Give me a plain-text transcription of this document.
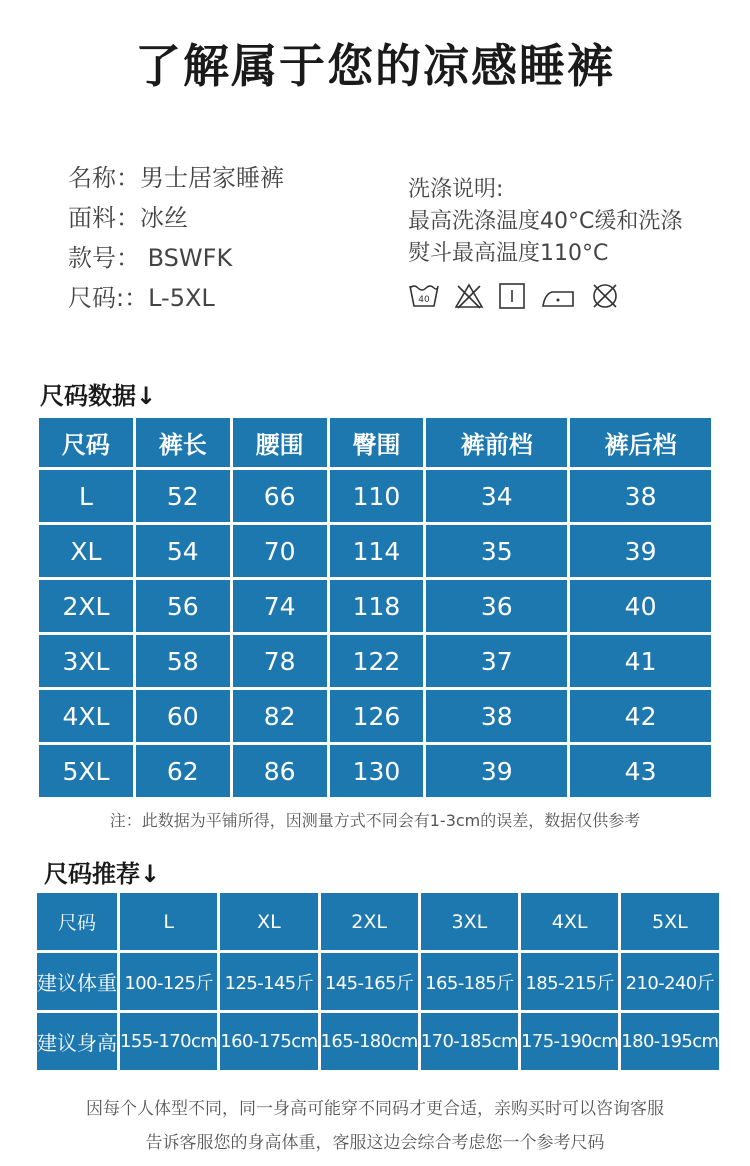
了解属于您的凉感睡裤
名称：男士居家睡裤
面料：冰丝
款号： BSWFK
尺码:：L-5XL
洗涤说明:
最高洗涤温度40°C缓和洗涤
熨斗最高温度110°C
40
尺码数据↓
尺码	裤长	腰围	臀围	裤前档	裤后档
L	52	66	110	34	38
XL	54	70	114	35	39
2XL	56	74	118	36	40
3XL	58	78	122	37	41
4XL	60	82	126	38	42
5XL	62	86	130	39	43
注：此数据为平铺所得，因测量方式不同会有1-3cm的误差，数据仅供参考
尺码推荐↓
尺码	L	XL	2XL	3XL	4XL	5XL
建议体重	100-125斤	125-145斤	145-165斤	165-185斤	185-215斤	210-240斤
建议身高	155-170cm	160-175cm	165-180cm	170-185cm	175-190cm	180-195cm
因每个人体型不同，同一身高可能穿不同码才更合适，亲购买时可以咨询客服
告诉客服您的身高体重，客服这边会综合考虑您一个参考尺码
